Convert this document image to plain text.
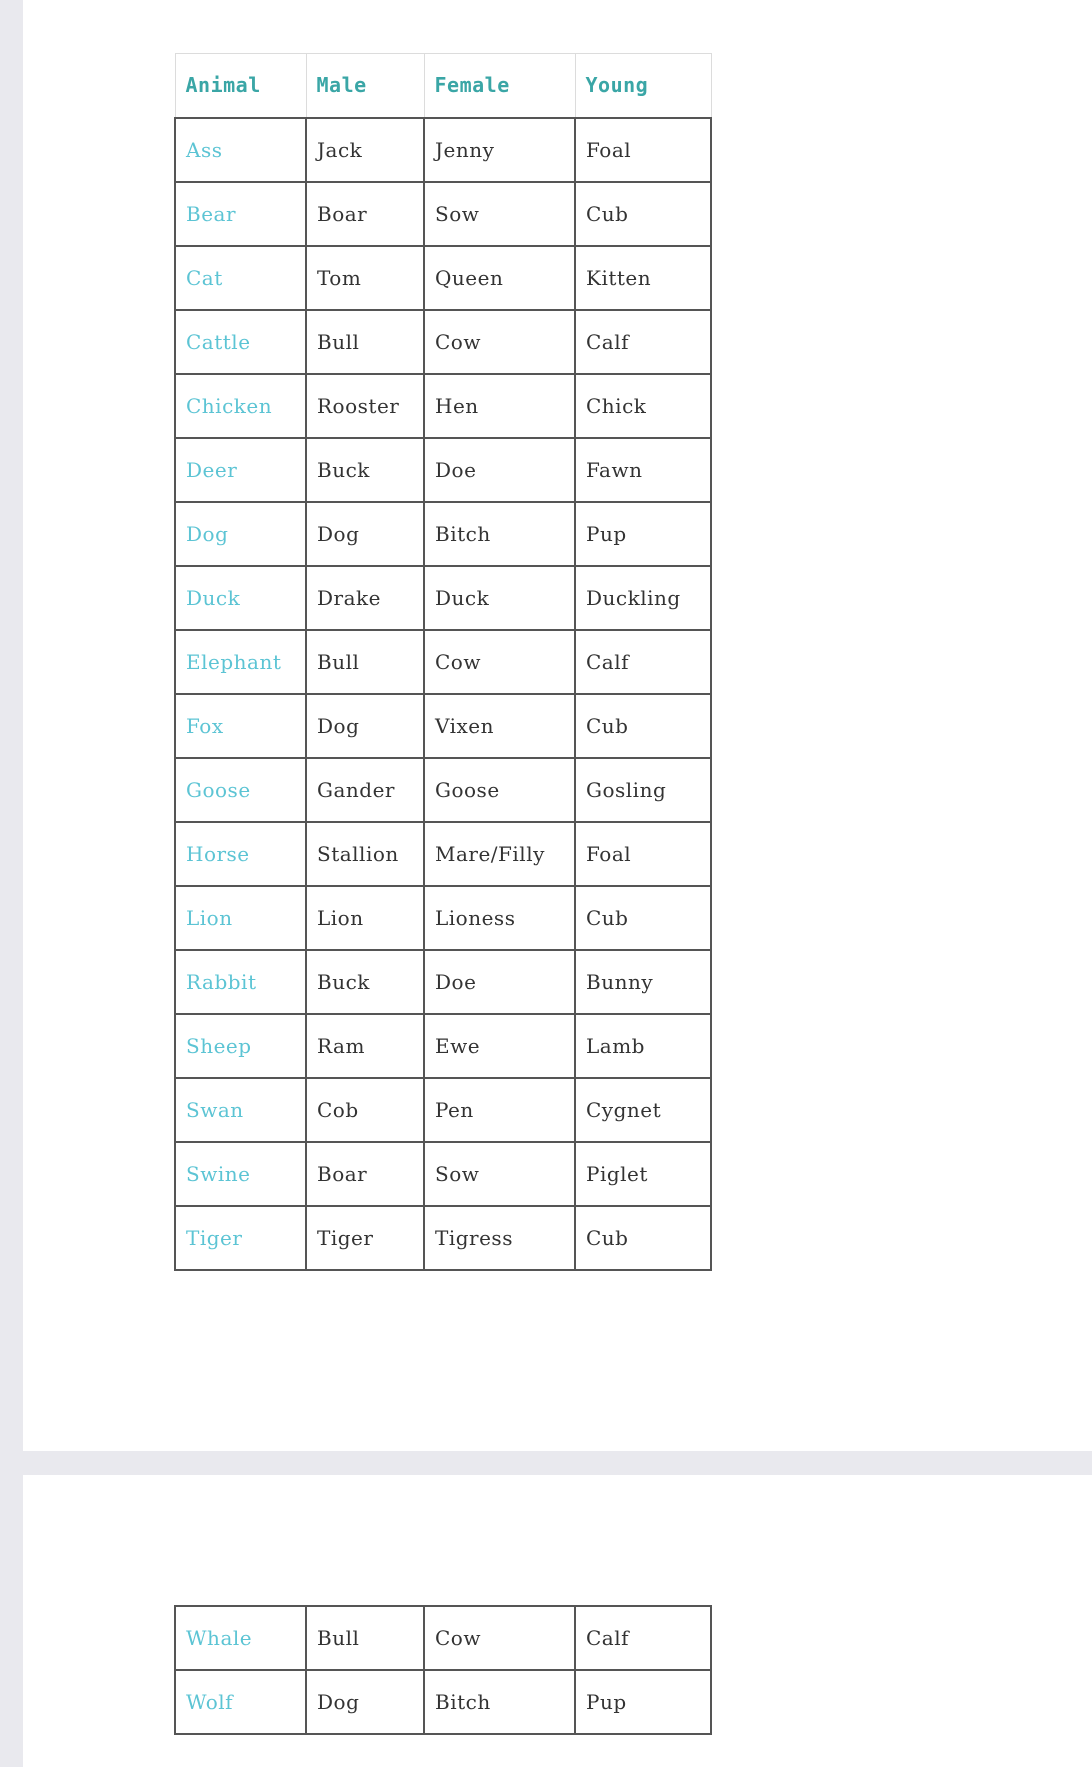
Animal	Male	Female	Young
Ass	Jack	Jenny	Foal
Bear	Boar	Sow	Cub
Cat	Tom	Queen	Kitten
Cattle	Bull	Cow	Calf
Chicken	Rooster	Hen	Chick
Deer	Buck	Doe	Fawn
Dog	Dog	Bitch	Pup
Duck	Drake	Duck	Duckling
Elephant	Bull	Cow	Calf
Fox	Dog	Vixen	Cub
Goose	Gander	Goose	Gosling
Horse	Stallion	Mare/Filly	Foal
Lion	Lion	Lioness	Cub
Rabbit	Buck	Doe	Bunny
Sheep	Ram	Ewe	Lamb
Swan	Cob	Pen	Cygnet
Swine	Boar	Sow	Piglet
Tiger	Tiger	Tigress	Cub
Whale	Bull	Cow	Calf
Wolf	Dog	Bitch	Pup
